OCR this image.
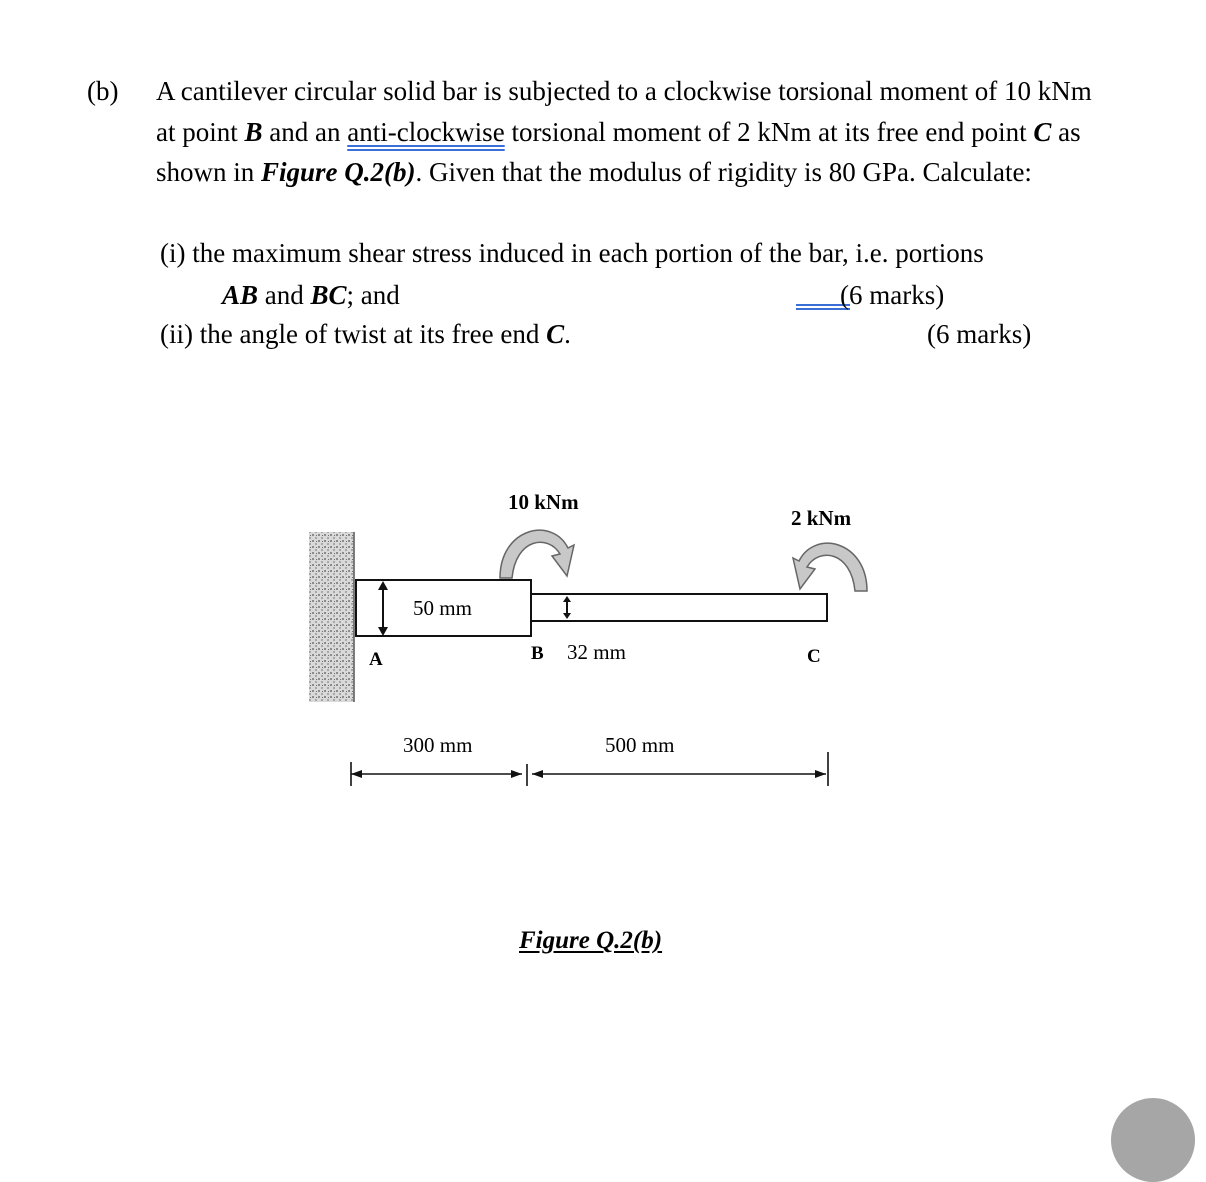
(b) A cantilever circular solid bar is subjected to a clockwise torsional moment of 10 kNm
at point B and an anti-clockwise torsional moment of 2 kNm at its free end point C as
shown in Figure Q.2(b). Given that the modulus of rigidity is 80 GPa. Calculate:
(i) the maximum shear stress induced in each portion of the bar, i.e. portions
AB and BC; and	(6 marks)
(ii) the angle of twist at its free end C.	(6 marks)
10 kNm
2 kNm
50 mm
A	B 32 mm	C
300 mm	500 mm
Figure Q.2(b)
